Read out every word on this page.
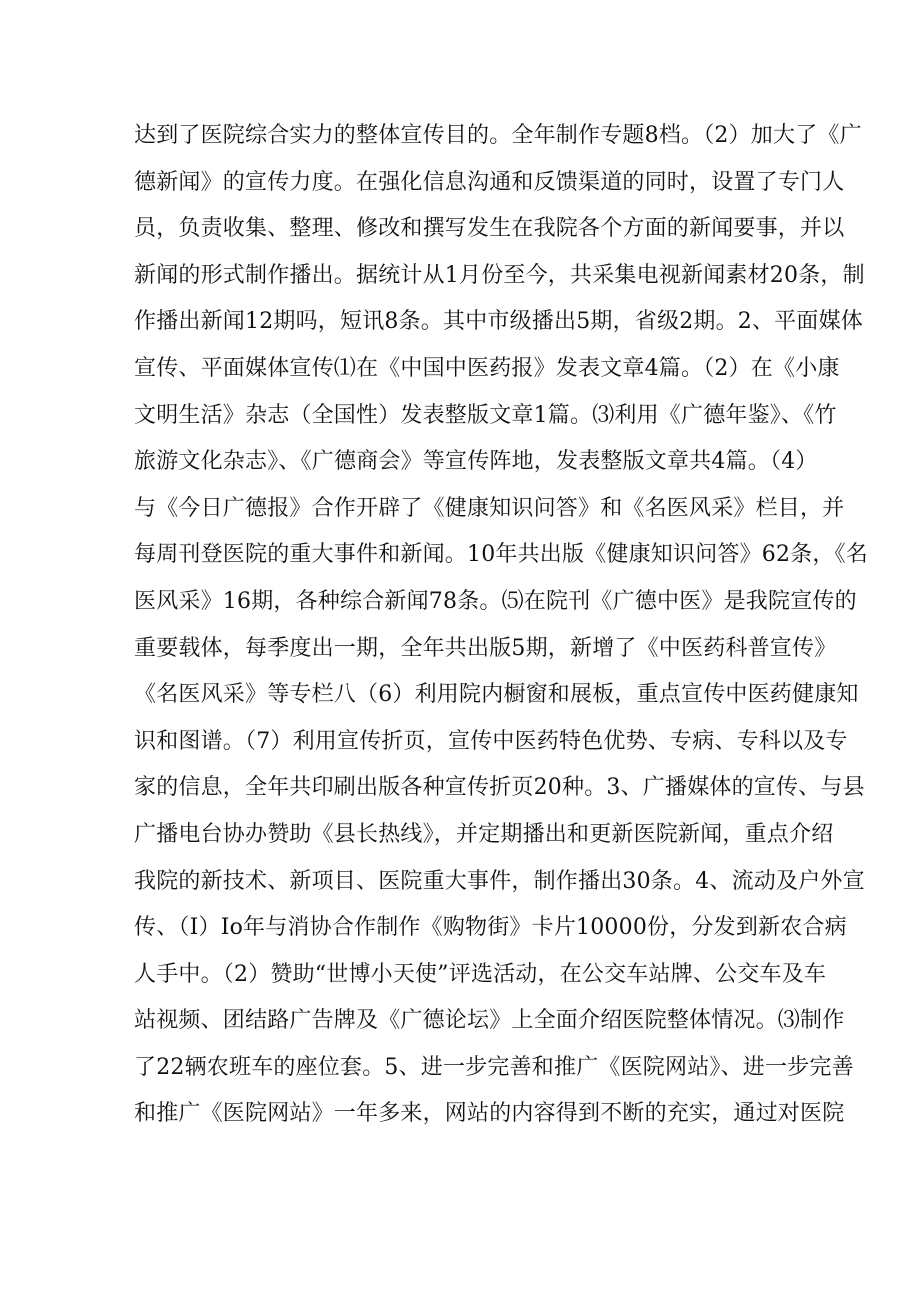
达到了医院综合实力的整体宣传目的。全年制作专题8档。（2）加大了《广
德新闻》的宣传力度。在强化信息沟通和反馈渠道的同时，设置了专门人
员，负责收集、整理、修改和撰写发生在我院各个方面的新闻要事，并以
新闻的形式制作播出。据统计从1月份至今，共采集电视新闻素材20条，制
作播出新闻12期吗，短讯8条。其中市级播出5期，省级2期。2、平面媒体
宣传、平面媒体宣传⑴在《中国中医药报》发表文章4篇。（2）在《小康
文明生活》杂志（全国性）发表整版文章1篇。⑶利用《广德年鉴》、《竹
旅游文化杂志》、《广德商会》等宣传阵地，发表整版文章共4篇。（4）
与《今日广德报》合作开辟了《健康知识问答》和《名医风采》栏目，并
每周刊登医院的重大事件和新闻。10年共出版《健康知识问答》62条，《名
医风采》16期，各种综合新闻78条。⑸在院刊《广德中医》是我院宣传的
重要载体，每季度出一期，全年共出版5期，新增了《中医药科普宣传》
《名医风采》等专栏八（6）利用院内橱窗和展板，重点宣传中医药健康知
识和图谱。（7）利用宣传折页，宣传中医药特色优势、专病、专科以及专
家的信息，全年共印刷出版各种宣传折页20种。3、广播媒体的宣传、与县
广播电台协办赞助《县长热线》，并定期播出和更新医院新闻，重点介绍
我院的新技术、新项目、医院重大事件，制作播出30条。4、流动及户外宣
传、（I）Io年与消协合作制作《购物街》卡片10000份，分发到新农合病
人手中。（2）赞助“世博小天使”评选活动，在公交车站牌、公交车及车
站视频、团结路广告牌及《广德论坛》上全面介绍医院整体情况。⑶制作
了22辆农班车的座位套。5、进一步完善和推广《医院网站》、进一步完善
和推广《医院网站》一年多来，网站的内容得到不断的充实，通过对医院
